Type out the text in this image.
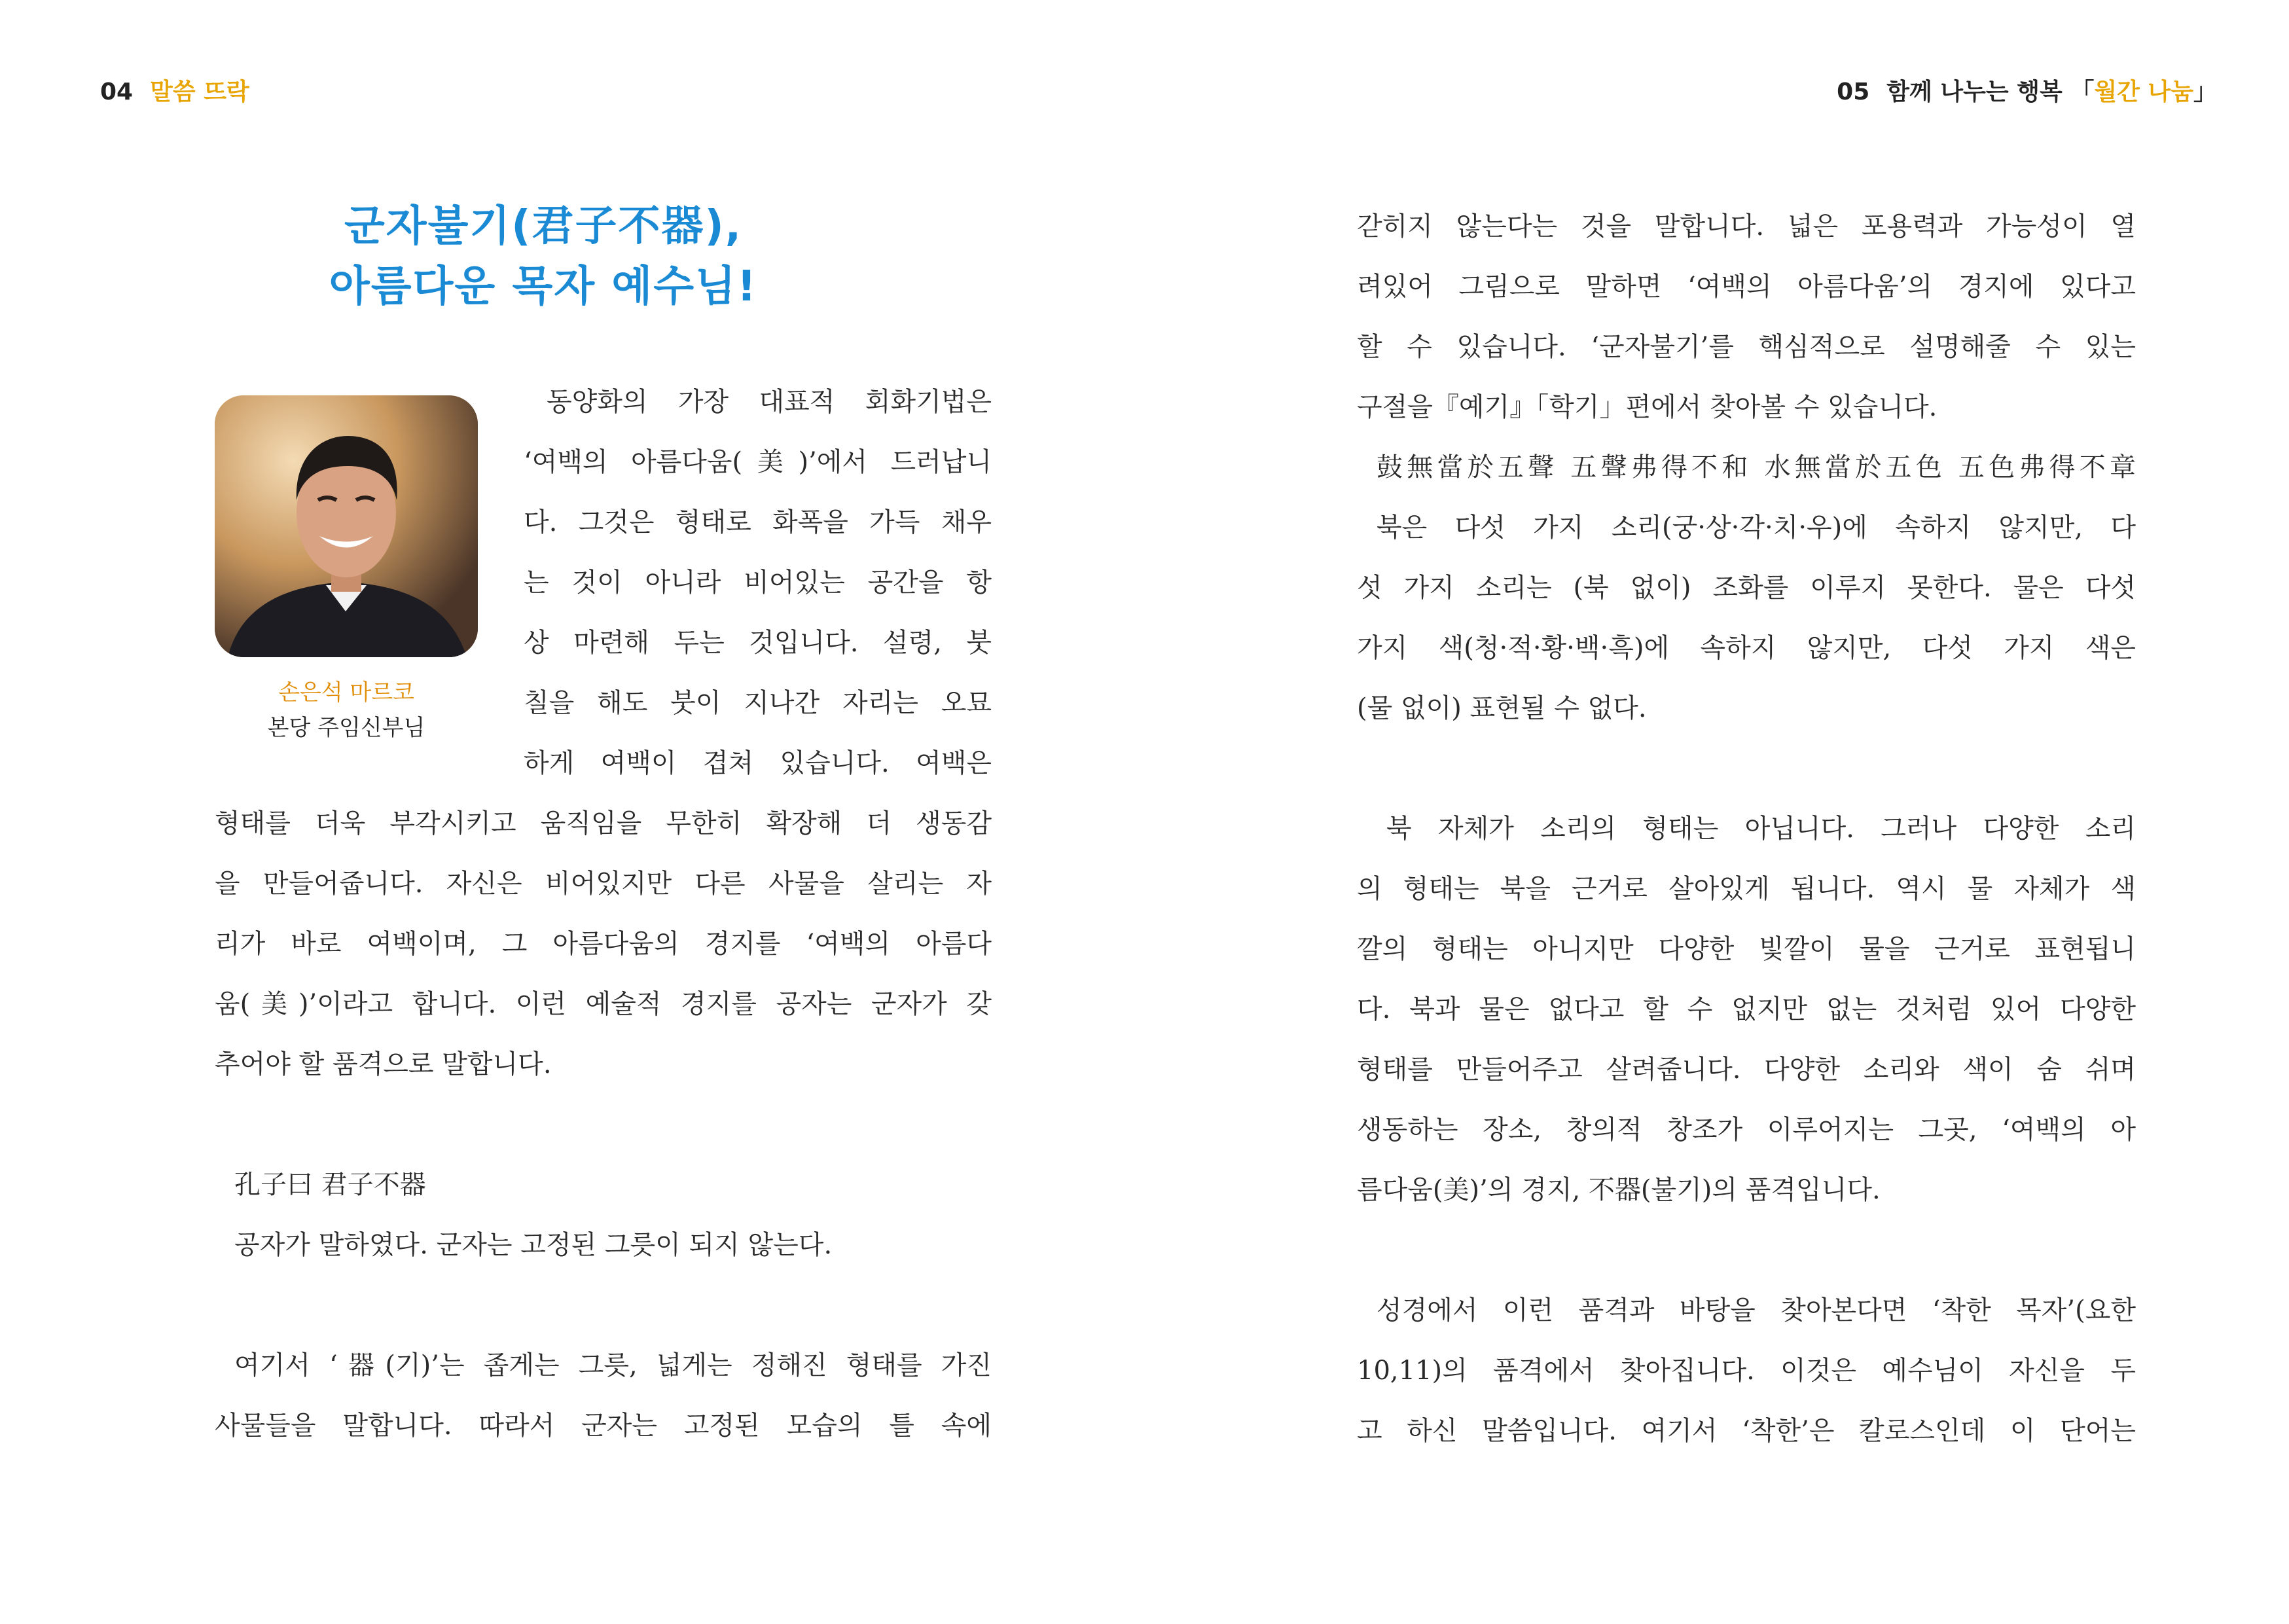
04 말씀 뜨락
군자불기(君子不器),
아름다운 목자 예수님!
손은석 마르코
본당 주임신부님
동양화의 가장 대표적 회화기법은
‘여백의 아름다움(美)’에서 드러납니
다. 그것은 형태로 화폭을 가득 채우
는 것이 아니라 비어있는 공간을 항
상 마련해 두는 것입니다. 설령, 붓
칠을 해도 붓이 지나간 자리는 오묘
하게 여백이 겹쳐 있습니다. 여백은
형태를 더욱 부각시키고 움직임을 무한히 확장해 더 생동감
을 만들어줍니다. 자신은 비어있지만 다른 사물을 살리는 자
리가 바로 여백이며, 그 아름다움의 경지를 ‘여백의 아름다
움(美)’이라고 합니다. 이런 예술적 경지를 공자는 군자가 갖
추어야 할 품격으로 말합니다.
孔子曰 君子不器
공자가 말하였다. 군자는 고정된 그릇이 되지 않는다.
여기서 ‘器(기)’는 좁게는 그릇, 넓게는 정해진 형태를 가진
사물들을 말합니다. 따라서 군자는 고정된 모습의 틀 속에
05 함께 나누는 행복 「월간 나눔」
갇히지 않는다는 것을 말합니다. 넓은 포용력과 가능성이 열
려있어 그림으로 말하면 ‘여백의 아름다움’의 경지에 있다고
할 수 있습니다. ‘군자불기’를 핵심적으로 설명해줄 수 있는
구절을『예기』「학기」편에서 찾아볼 수 있습니다.
鼓無當於五聲 五聲弗得不和 水無當於五色 五色弗得不章
북은 다섯 가지 소리(궁·상·각·치·우)에 속하지 않지만, 다
섯 가지 소리는 (북 없이) 조화를 이루지 못한다. 물은 다섯
가지 색(청·적·황·백·흑)에 속하지 않지만, 다섯 가지 색은
(물 없이) 표현될 수 없다.
북 자체가 소리의 형태는 아닙니다. 그러나 다양한 소리
의 형태는 북을 근거로 살아있게 됩니다. 역시 물 자체가 색
깔의 형태는 아니지만 다양한 빛깔이 물을 근거로 표현됩니
다. 북과 물은 없다고 할 수 없지만 없는 것처럼 있어 다양한
형태를 만들어주고 살려줍니다. 다양한 소리와 색이 숨 쉬며
생동하는 장소, 창의적 창조가 이루어지는 그곳, ‘여백의 아
름다움(美)’의 경지, 不器(불기)의 품격입니다.
성경에서 이런 품격과 바탕을 찾아본다면 ‘착한 목자’(요한
10,11)의 품격에서 찾아집니다. 이것은 예수님이 자신을 두
고 하신 말씀입니다. 여기서 ‘착한’은 칼로스인데 이 단어는
